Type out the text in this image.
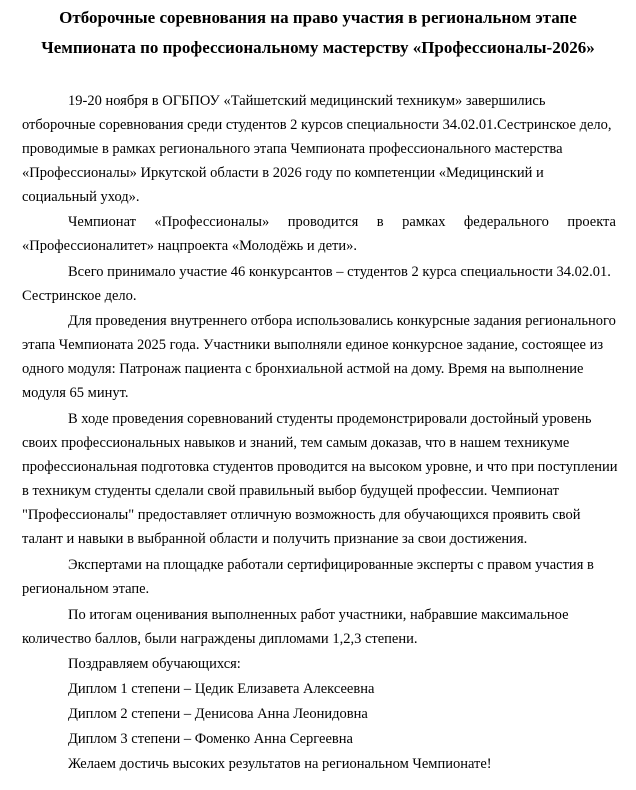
Отборочные соревнования на право участия в региональном этапе
Чемпионата по профессиональному мастерству «Профессионалы-2026»
19-20 ноября в ОГБПОУ «Тайшетский медицинский техникум» завершились
отборочные соревнования среди студентов 2 курсов специальности 34.02.01.Сестринское дело,
проводимые в рамках регионального этапа Чемпионата профессионального мастерства
«Профессионалы» Иркутской области в 2026 году по компетенции «Медицинский и
социальный уход».
Чемпионат «Профессионалы» проводится в рамках федерального проекта
«Профессионалитет» нацпроекта «Молодёжь и дети».
Всего принимало участие 46 конкурсантов – студентов 2 курса специальности 34.02.01.
Сестринское дело.
Для проведения внутреннего отбора использовались конкурсные задания регионального
этапа Чемпионата 2025 года. Участники выполняли единое конкурсное задание, состоящее из
одного модуля: Патронаж пациента с бронхиальной астмой на дому. Время на выполнение
модуля 65 минут.
В ходе проведения соревнований студенты продемонстрировали достойный уровень
своих профессиональных навыков и знаний, тем самым доказав, что в нашем техникуме
профессиональная подготовка студентов проводится на высоком уровне, и что при поступлении
в техникум студенты сделали свой правильный выбор будущей профессии. Чемпионат
"Профессионалы" предоставляет отличную возможность для обучающихся проявить свой
талант и навыки в выбранной области и получить признание за свои достижения.
Экспертами на площадке работали сертифицированные эксперты с правом участия в
региональном этапе.
По итогам оценивания выполненных работ участники, набравшие максимальное
количество баллов, были награждены дипломами 1,2,3 степени.
Поздравляем обучающихся:
Диплом 1 степени – Цедик Елизавета Алексеевна
Диплом 2 степени – Денисова Анна Леонидовна
Диплом 3 степени – Фоменко Анна Сергеевна
Желаем достичь высоких результатов на региональном Чемпионате!
